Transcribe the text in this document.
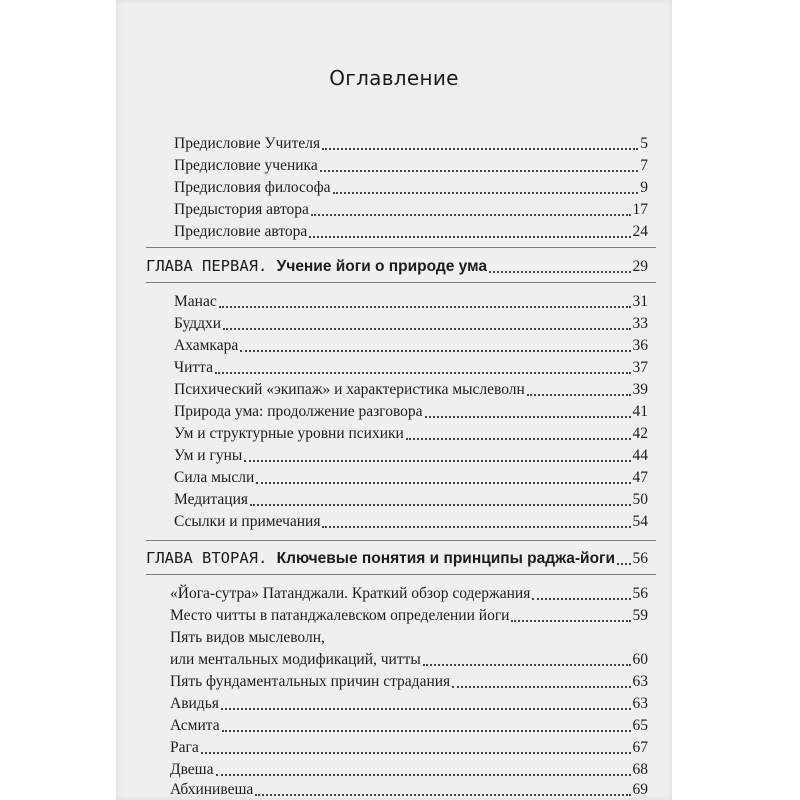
Оглавление
Предисловие Учителя	5
Предисловие ученика	7
Предисловия философа	9
Предыстория автора	17
Предисловие автора	24
ГЛАВА ПЕРВАЯ. Учение йоги о природе ума	29
Манас	31
Буддхи	33
Ахамкара	36
Читта	37
Психический «экипаж» и характеристика мыслеволн	39
Природа ума: продолжение разговора	41
Ум и структурные уровни психики	42
Ум и гуны	44
Сила мысли	47
Медитация	50
Ссылки и примечания	54
ГЛАВА ВТОРАЯ. Ключевые понятия и принципы раджа-йоги 56
«Йога-сутра» Патанджали. Краткий обзор содержания	56
Место читты в патанджалевском определении йоги	59
Пять видов мыслеволн,
или ментальных модификаций, читты	60
Пять фундаментальных причин страдания	63
Авидья	63
Асмита	65
Рага	67
Двеша	68
Абхинивеша	69
